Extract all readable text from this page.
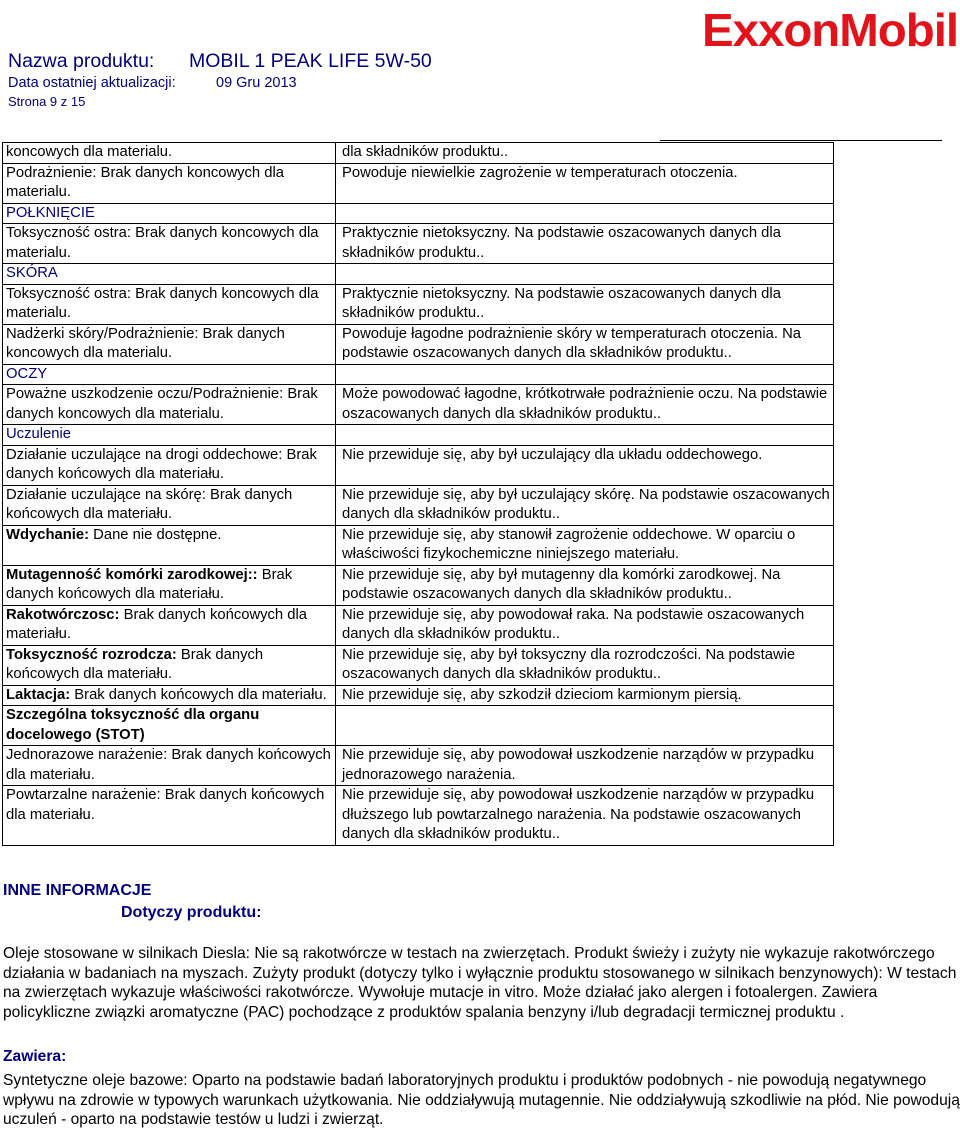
Nazwa produktu: MOBIL 1 PEAK LIFE 5W-50
Data ostatniej aktualizacji:	09 Gru 2013
Strona 9 z 15
ExxonMobil
koncowych dla materialu.	dla składników produktu..
Podrażnienie: Brak danych koncowych dla materialu.	Powoduje niewielkie zagrożenie w temperaturach otoczenia.
POŁKNIĘCIE	
Toksyczność ostra: Brak danych koncowych dla materialu.	Praktycznie nietoksyczny. Na podstawie oszacowanych danych dla składników produktu..
SKÓRA	
Toksyczność ostra: Brak danych koncowych dla materialu.	Praktycznie nietoksyczny. Na podstawie oszacowanych danych dla składników produktu..
Nadżerki skóry/Podrażnienie: Brak danych koncowych dla materialu.	Powoduje łagodne podrażnienie skóry w temperaturach otoczenia. Na podstawie oszacowanych danych dla składników produktu..
OCZY	
Poważne uszkodzenie oczu/Podrażnienie: Brak danych koncowych dla materialu.	Może powodować łagodne, krótkotrwałe podrażnienie oczu. Na podstawie oszacowanych danych dla składników produktu..
Uczulenie	
Działanie uczulające na drogi oddechowe: Brak danych końcowych dla materiału.	Nie przewiduje się, aby był uczulający dla układu oddechowego.
Działanie uczulające na skórę: Brak danych końcowych dla materiału.	Nie przewiduje się, aby był uczulający skórę. Na podstawie oszacowanych danych dla składników produktu..
Wdychanie: Dane nie dostępne.	Nie przewiduje się, aby stanowił zagrożenie oddechowe. W oparciu o właściwości fizykochemiczne niniejszego materiału.
Mutagenność komórki zarodkowej:: Brak danych końcowych dla materiału.	Nie przewiduje się, aby był mutagenny dla komórki zarodkowej. Na podstawie oszacowanych danych dla składników produktu..
Rakotwórczosc: Brak danych końcowych dla materiału.	Nie przewiduje się, aby powodował raka. Na podstawie oszacowanych danych dla składników produktu..
Toksyczność rozrodcza: Brak danych końcowych dla materiału.	Nie przewiduje się, aby był toksyczny dla rozrodczości. Na podstawie oszacowanych danych dla składników produktu..
Laktacja: Brak danych końcowych dla materiału.	Nie przewiduje się, aby szkodził dzieciom karmionym piersią.
Szczególna toksyczność dla organu docelowego (STOT)	
Jednorazowe narażenie: Brak danych końcowych dla materiału.	Nie przewiduje się, aby powodował uszkodzenie narządów w przypadku jednorazowego narażenia.
Powtarzalne narażenie: Brak danych końcowych dla materiału.	Nie przewiduje się, aby powodował uszkodzenie narządów w przypadku dłuższego lub powtarzalnego narażenia. Na podstawie oszacowanych danych dla składników produktu..
INNE INFORMACJE
Dotyczy produktu:
Oleje stosowane w silnikach Diesla: Nie są rakotwórcze w testach na zwierzętach. Produkt świeży i zużyty nie wykazuje rakotwórczego działania w badaniach na myszach. Zużyty produkt (dotyczy tylko i wyłącznie produktu stosowanego w silnikach benzynowych): W testach na zwierzętach wykazuje właściwości rakotwórcze. Wywołuje mutacje in vitro. Może działać jako alergen i fotoalergen. Zawiera policykliczne związki aromatyczne (PAC) pochodzące z produktów spalania benzyny i/lub degradacji termicznej produktu .
Zawiera:
Syntetyczne oleje bazowe: Oparto na podstawie badań laboratoryjnych produktu i produktów podobnych - nie powodują negatywnego wpływu na zdrowie w typowych warunkach użytkowania. Nie oddziaływują mutagennie. Nie oddziaływują szkodliwie na płód. Nie powodują uczuleń - oparto na podstawie testów u ludzi i zwierząt.
